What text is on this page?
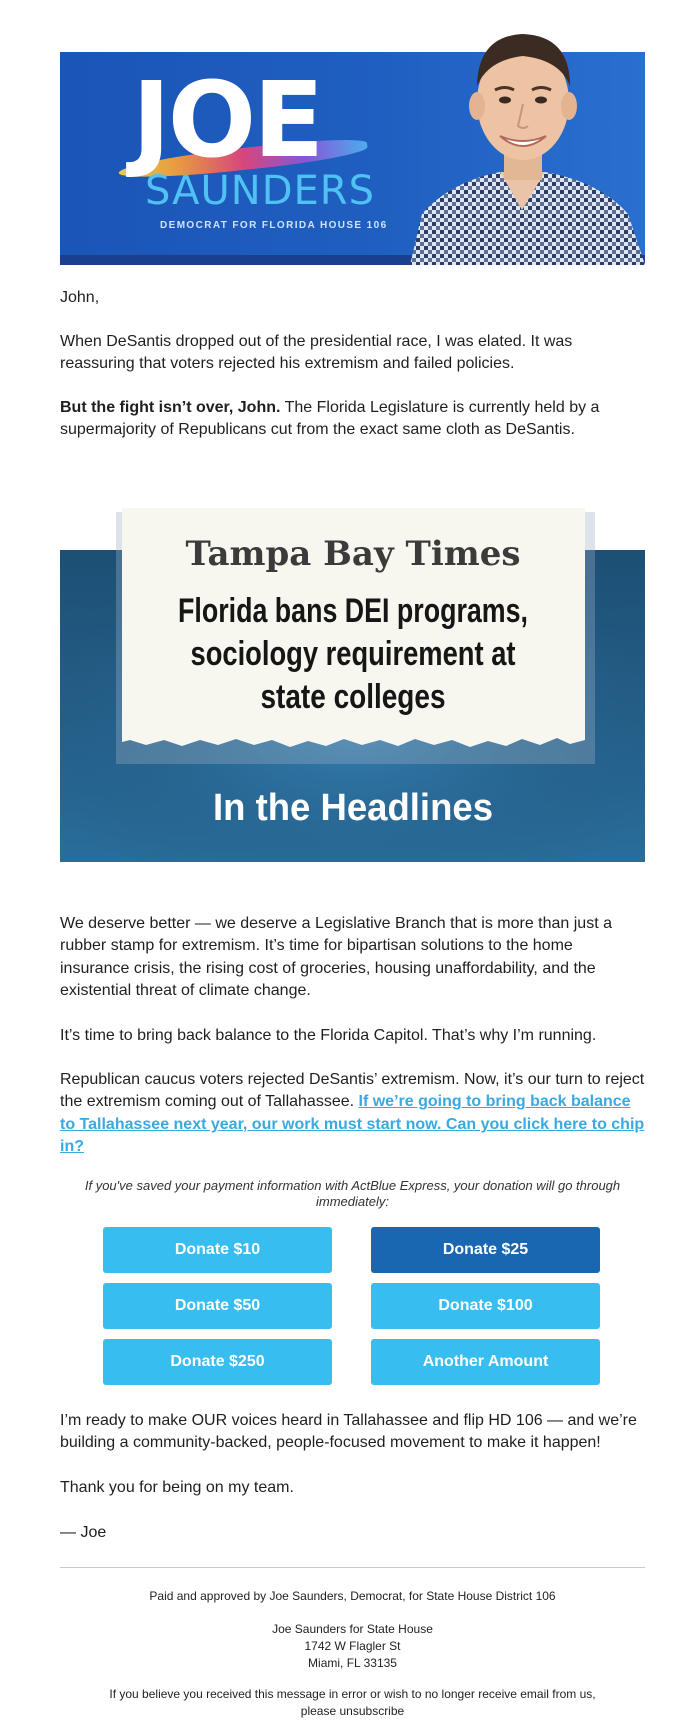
JOE
SAUNDERS
DEMOCRAT FOR FLORIDA HOUSE 106

John,

When DeSantis dropped out of the presidential race, I was elated. It was reassuring that voters rejected his extremism and failed policies.

But the fight isn’t over, John. The Florida Legislature is currently held by a supermajority of Republicans cut from the exact same cloth as DeSantis.

Tampa Bay Times
Florida bans DEI programs,
sociology requirement at
state colleges
In the Headlines

We deserve better — we deserve a Legislative Branch that is more than just a rubber stamp for extremism. It’s time for bipartisan solutions to the home insurance crisis, the rising cost of groceries, housing unaffordability, and the existential threat of climate change.

It’s time to bring back balance to the Florida Capitol. That’s why I’m running.

Republican caucus voters rejected DeSantis’ extremism. Now, it’s our turn to reject the extremism coming out of Tallahassee. If we’re going to bring back balance to Tallahassee next year, our work must start now. Can you click here to chip in?

If you've saved your payment information with ActBlue Express, your donation will go through immediately:
Donate $10	Donate $25
Donate $50	Donate $100
Donate $250	Another Amount

I’m ready to make OUR voices heard in Tallahassee and flip HD 106 — and we’re building a community-backed, people-focused movement to make it happen!

Thank you for being on my team.

— Joe

Paid and approved by Joe Saunders, Democrat, for State House District 106
Joe Saunders for State House
1742 W Flagler St
Miami, FL 33135
If you believe you received this message in error or wish to no longer receive email from us,
please unsubscribe
